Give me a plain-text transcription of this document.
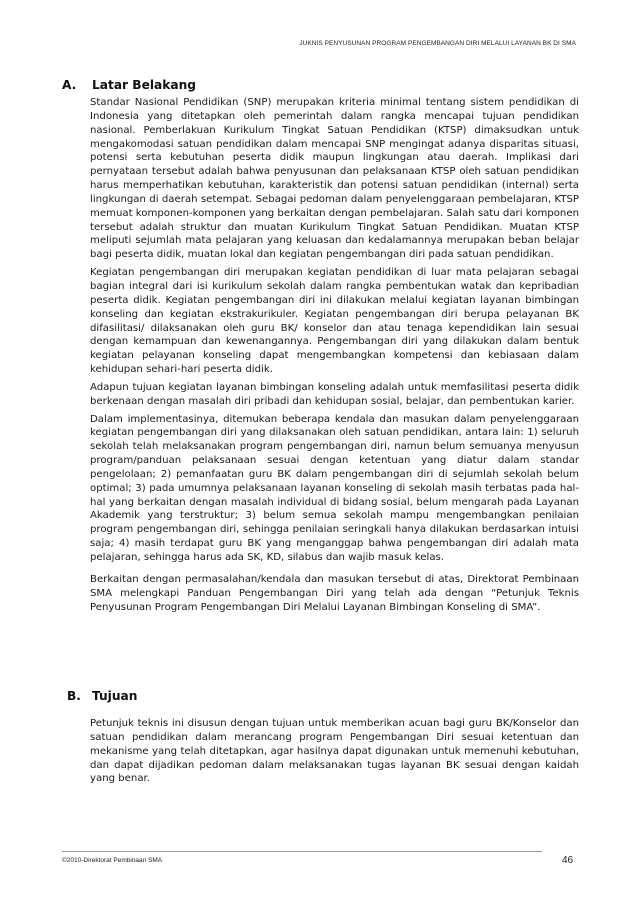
JUKNIS PENYUSUNAN PROGRAM PENGEMBANGAN DIRI MELALUI LAYANAN BK DI SMA
A. Latar Belakang

Standar Nasional Pendidikan (SNP) merupakan kriteria minimal tentang sistem pendidikan di Indonesia yang ditetapkan oleh pemerintah dalam rangka mencapai tujuan pendidikan nasional. Pemberlakuan Kurikulum Tingkat Satuan Pendidikan (KTSP) dimaksudkan untuk mengakomodasi satuan pendidikan dalam mencapai SNP mengingat adanya disparitas situasi, potensi serta kebutuhan peserta didik maupun lingkungan atau daerah. Implikasi dari pernyataan tersebut adalah bahwa penyusunan dan pelaksanaan KTSP oleh satuan pendidikan harus memperhatikan kebutuhan, karakteristik dan potensi satuan pendidikan (internal) serta lingkungan di daerah setempat. Sebagai pedoman dalam penyelenggaraan pembelajaran, KTSP memuat komponen-komponen yang berkaitan dengan pembelajaran. Salah satu dari komponen tersebut adalah struktur dan muatan Kurikulum Tingkat Satuan Pendidikan. Muatan KTSP meliputi sejumlah mata pelajaran yang keluasan dan kedalamannya merupakan beban belajar bagi peserta didik, muatan lokal dan kegiatan pengembangan diri pada satuan pendidikan.

Kegiatan pengembangan diri merupakan kegiatan pendidikan di luar mata pelajaran sebagai bagian integral dari isi kurikulum sekolah dalam rangka pembentukan watak dan kepribadian peserta didik. Kegiatan pengembangan diri ini dilakukan melalui kegiatan layanan bimbingan konseling dan kegiatan ekstrakurikuler. Kegiatan pengembangan diri berupa pelayanan BK difasilitasi/ dilaksanakan oleh guru BK/ konselor dan atau tenaga kependidikan lain sesuai dengan kemampuan dan kewenangannya. Pengembangan diri yang dilakukan dalam bentuk kegiatan pelayanan konseling dapat mengembangkan kompetensi dan kebiasaan dalam kehidupan sehari-hari peserta didik.

Adapun tujuan kegiatan layanan bimbingan konseling adalah untuk memfasilitasi peserta didik berkenaan dengan masalah diri pribadi dan kehidupan sosial, belajar, dan pembentukan karier.

Dalam implementasinya, ditemukan beberapa kendala dan masukan dalam penyelenggaraan kegiatan pengembangan diri yang dilaksanakan oleh satuan pendidikan, antara lain: 1) seluruh sekolah telah melaksanakan program pengembangan diri, namun belum semuanya menyusun program/panduan pelaksanaan sesuai dengan ketentuan yang diatur dalam standar pengelolaan; 2) pemanfaatan guru BK dalam pengembangan diri di sejumlah sekolah belum optimal; 3) pada umumnya pelaksanaan layanan konseling di sekolah masih terbatas pada hal-hal yang berkaitan dengan masalah individual di bidang sosial, belum mengarah pada Layanan Akademik yang terstruktur; 3) belum semua sekolah mampu mengembangkan penilaian program pengembangan diri, sehingga penilaian seringkali hanya dilakukan berdasarkan intuisi saja; 4) masih terdapat guru BK yang menganggap bahwa pengembangan diri adalah mata pelajaran, sehingga harus ada SK, KD, silabus dan wajib masuk kelas.

Berkaitan dengan permasalahan/kendala dan masukan tersebut di atas, Direktorat Pembinaan SMA melengkapi Panduan Pengembangan Diri yang telah ada dengan “Petunjuk Teknis Penyusunan Program Pengembangan Diri Melalui Layanan Bimbingan Konseling di SMA”.

B. Tujuan

Petunjuk teknis ini disusun dengan tujuan untuk memberikan acuan bagi guru BK/Konselor dan satuan pendidikan dalam merancang program Pengembangan Diri sesuai ketentuan dan mekanisme yang telah ditetapkan, agar hasilnya dapat digunakan untuk memenuhi kebutuhan, dan dapat dijadikan pedoman dalam melaksanakan tugas layanan BK sesuai dengan kaidah yang benar.

©2010-Direktorat Pembinaan SMA	46
